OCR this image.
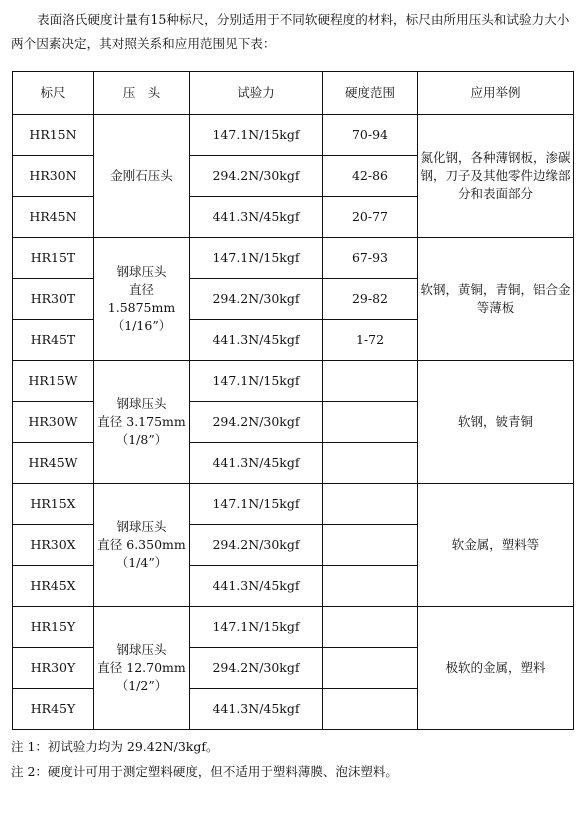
表面洛氏硬度计量有15种标尺，分别适用于不同软硬程度的材料，标尺由所用压头和试验力大小两个因素决定，其对照关系和应用范围见下表：

标尺	压　头	试验力	硬度范围	应用举例
HR15N	金刚石压头	147.1N/15kgf	70-94	氮化钢，各种薄钢板，渗碳钢，刀子及其他零件边缘部分和表面部分
HR30N		294.2N/30kgf	42-86	
HR45N		441.3N/45kgf	20-77	
HR15T	钢球压头
直径
1.5875mm
（1/16”）	147.1N/15kgf	67-93	软钢，黄铜，青铜，铝合金等薄板
HR30T		294.2N/30kgf	29-82	
HR45T		441.3N/45kgf	1-72	
HR15W	钢球压头
直径 3.175mm
（1/8”）	147.1N/15kgf		软钢，铍青铜
HR30W		294.2N/30kgf		
HR45W		441.3N/45kgf		
HR15X	钢球压头
直径 6.350mm
（1/4”）	147.1N/15kgf		软金属，塑料等
HR30X		294.2N/30kgf		
HR45X		441.3N/45kgf		
HR15Y	钢球压头
直径 12.70mm
（1/2”）	147.1N/15kgf		极软的金属，塑料
HR30Y		294.2N/30kgf		
HR45Y		441.3N/45kgf		

注 1：初试验力均为 29.42N/3kgf。

注 2：硬度计可用于测定塑料硬度，但不适用于塑料薄膜、泡沫塑料。
